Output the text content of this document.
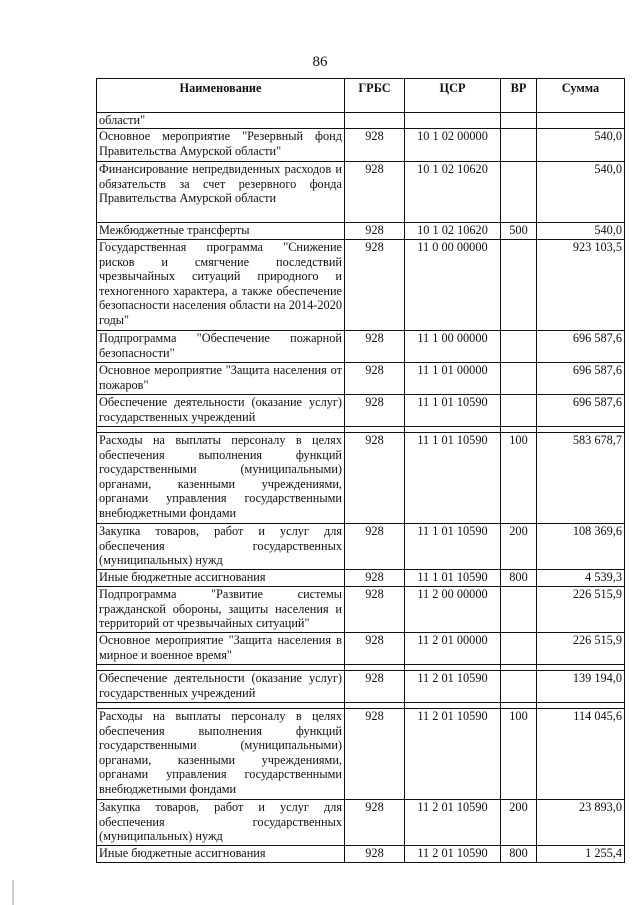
86
Наименование	ГРБС	ЦСР	ВР	Сумма
области"				
Основное мероприятие "Резервный фонд Правительства Амурской области"	928	10 1 02 00000		540,0
Финансирование непредвиденных расходов и обязательств за счет резервного фонда Правительства Амурской области	928	10 1 02 10620		540,0
Межбюджетные трансферты	928	10 1 02 10620	500	540,0
Государственная программа "Снижение рисков и смягчение последствий чрезвычайных ситуаций природного и техногенного характера, а также обеспечение безопасности населения области на 2014-2020 годы"	928	11 0 00 00000		923 103,5
Подпрограмма "Обеспечение пожарной безопасности"	928	11 1 00 00000		696 587,6
Основное мероприятие "Защита населения от пожаров"	928	11 1 01 00000		696 587,6
Обеспечение деятельности (оказание услуг) государственных учреждений	928	11 1 01 10590		696 587,6

Расходы на выплаты персоналу в целях обеспечения выполнения функций государственными (муниципальными) органами, казенными учреждениями, органами управления государственными внебюджетными фондами	928	11 1 01 10590	100	583 678,7
Закупка товаров, работ и услуг для обеспечения государственных (муниципальных) нужд	928	11 1 01 10590	200	108 369,6
Иные бюджетные ассигнования	928	11 1 01 10590	800	4 539,3
Подпрограмма "Развитие системы гражданской обороны, защиты населения и территорий от чрезвычайных ситуаций"	928	11 2 00 00000		226 515,9
Основное мероприятие "Защита населения в мирное и военное время"	928	11 2 01 00000		226 515,9

Обеспечение деятельности (оказание услуг) государственных учреждений	928	11 2 01 10590		139 194,0

Расходы на выплаты персоналу в целях обеспечения выполнения функций государственными (муниципальными) органами, казенными учреждениями, органами управления государственными внебюджетными фондами	928	11 2 01 10590	100	114 045,6
Закупка товаров, работ и услуг для обеспечения государственных (муниципальных) нужд	928	11 2 01 10590	200	23 893,0
Иные бюджетные ассигнования	928	11 2 01 10590	800	1 255,4
